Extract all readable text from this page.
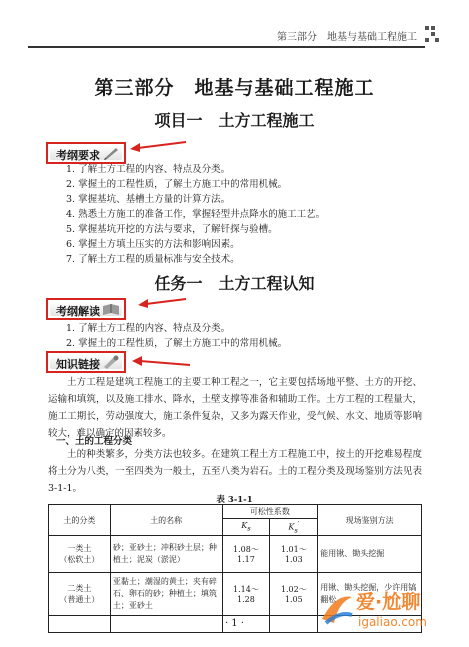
第三部分　地基与基础工程施工
第三部分　地基与基础工程施工
项目一　土方工程施工
考纲要求
1. 了解土方工程的内容、特点及分类。
2. 掌握土的工程性质，了解土方施工中的常用机械。
3. 掌握基坑、基槽土方量的计算方法。
4. 熟悉土方施工的准备工作，掌握轻型井点降水的施工工艺。
5. 掌握基坑开挖的方法与要求，了解钎探与验槽。
6. 掌握土方填土压实的方法和影响因素。
7. 了解土方工程的质量标准与安全技术。
任务一　土方工程认知
考纲解读
1. 了解土方工程的内容、特点及分类。
2. 掌握土的工程性质，了解土方施工中的常用机械。
知识链接

土方工程是建筑工程施工的主要工种工程之一，它主要包括场地平整、土方的开挖、运输和填筑，以及施工排水、降水，土壁支撑等准备和辅助工作。土方工程的工程量大，施工工期长，劳动强度大，施工条件复杂，又多为露天作业，受气候、水文、地质等影响较大，难以确定的因素较多。

一、土的工程分类

土的种类繁多，分类方法也较多。在建筑工程土方工程施工中，按土的开挖难易程度将土分为八类，一至四类为一般土，五至八类为岩石。土的工程分类及现场鉴别方法见表3-1-1。

表 3-1-1
土的分类	土的名称	可松性系数		现场鉴别方法
		$K_s$	$K_s'$

一类土
（松软土）	砂；亚砂土；冲积砂土层；种植土；泥炭（淤泥）	1.08～1.17	1.01～1.03	能用锹、锄头挖掘

二类土
（普通土）	亚黏土；潮湿的黄土；夹有碎石、卵石的砂；种植土；填筑土；亚砂土	1.14～1.28	1.02～1.05	用锹、锄头挖掘，少许用镐翻松

· 1 ·
爱·尬聊
igaliao.com
